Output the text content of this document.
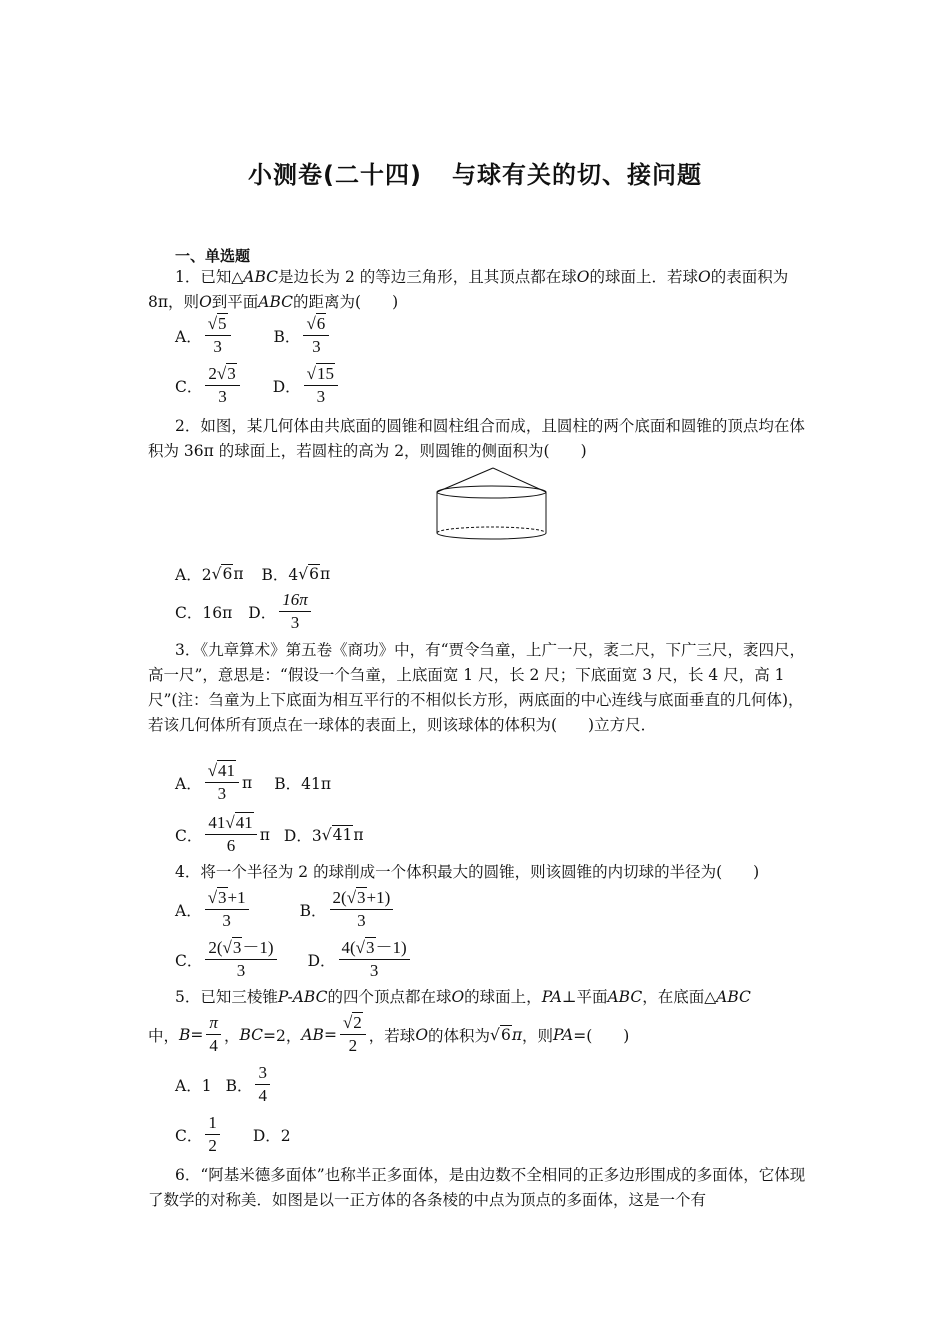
小测卷(二十四) 与球有关的切、接问题
一、单选题
1．已知△ABC是边长为 2 的等边三角形，且其顶点都在球O的球面上．若球O的表面积为 8π，则O到平面ABC的距离为(　　)
A． $\frac{√5}{3}$	B． $\frac{√6}{3}$
C． $\frac{2√3}{3}$ D． $\frac{√15}{3}$
2．如图，某几何体由共底面的圆锥和圆柱组合而成，且圆柱的两个底面和圆锥的顶点均在体积为 36π 的球面上，若圆柱的高为 2，则圆锥的侧面积为(　　)
A．2 √6 π B．4 √6 π
C．16π D． $\frac{16\pi}{3}$
3．《九章算术》第五卷《商功》中，有“贾令刍童，上广一尺，袤二尺，下广三尺，袤四尺，高一尺”，意思是：“假设一个刍童，上底面宽 1 尺，长 2 尺；下底面宽 3 尺，长 4 尺，高 1 尺”(注：刍童为上下底面为相互平行的不相似长方形，两底面的中心连线与底面垂直的几何体)，若该几何体所有顶点在一球体的表面上，则该球体的体积为(　　)立方尺．
A． $\frac{√41}{3}$ π B．41π
C． $\frac{41√41}{6}$ π D．3 √41 π
4．将一个半径为 2 的球削成一个体积最大的圆锥，则该圆锥的内切球的半径为(　　)
A． $\frac{√3+1}{3}$	B． $\frac{2(√3+1)}{3}$
C． $\frac{2(√3-1)}{3}$ D． $\frac{4(√3-1)}{3}$
5．已知三棱锥P-ABC的四个顶点都在球O的球面上，PA⊥平面ABC，在底面△ABC
中， $B = \frac{\pi}{4}$ ， BC =2， AB = $\frac{√2}{2}$ ，若球 O 的体积为 √6 π ，则 PA =(　　)
A．1 B． $\frac{3}{4}$
C． $\frac{1}{2}$ D．2
6．“阿基米德多面体”也称半正多面体，是由边数不全相同的正多边形围成的多面体，它体现了数学的对称美．如图是以一正方体的各条棱的中点为顶点的多面体，这是一个有
